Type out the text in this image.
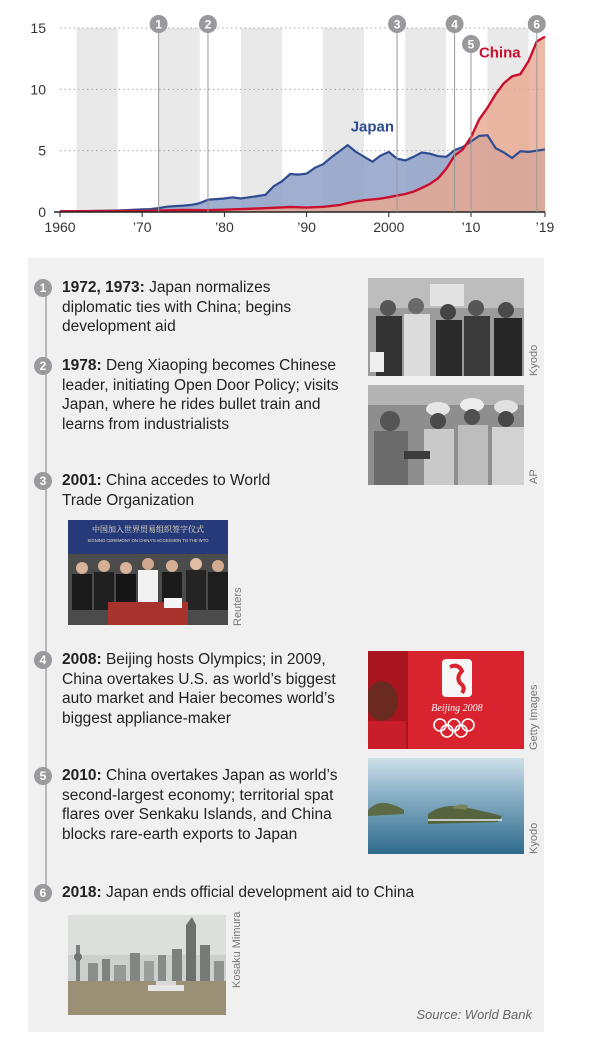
0
5
10
15
1960	’70	’80	’90	2000	’10	’19
Japan
China
1	2	3	4
5
6
1	1972, 1973: Japan normalizes diplomatic ties with China; begins development aid
Kyodo
2	1978: Deng Xiaoping becomes Chinese leader, initiating Open Door Policy; visits Japan, where he rides bullet train and learns from industrialists
AP
3	2001: China accedes to World Trade Organization
中国加入世界贸易组织签字仪式
SIGNING CEREMONY ON CHINA'S ACCESSION TO THE WTO
Reuters
4	2008: Beijing hosts Olympics; in 2009, China overtakes U.S. as world’s biggest auto market and Haier becomes world’s biggest appliance-maker
Beijing 2008	Getty Images
5	2010: China overtakes Japan as world’s second-largest economy; territorial spat flares over Senkaku Islands, and China blocks rare-earth exports to Japan	Kyodo
6	2018: Japan ends official development aid to China
Kosaku Mimura
Source: World Bank
